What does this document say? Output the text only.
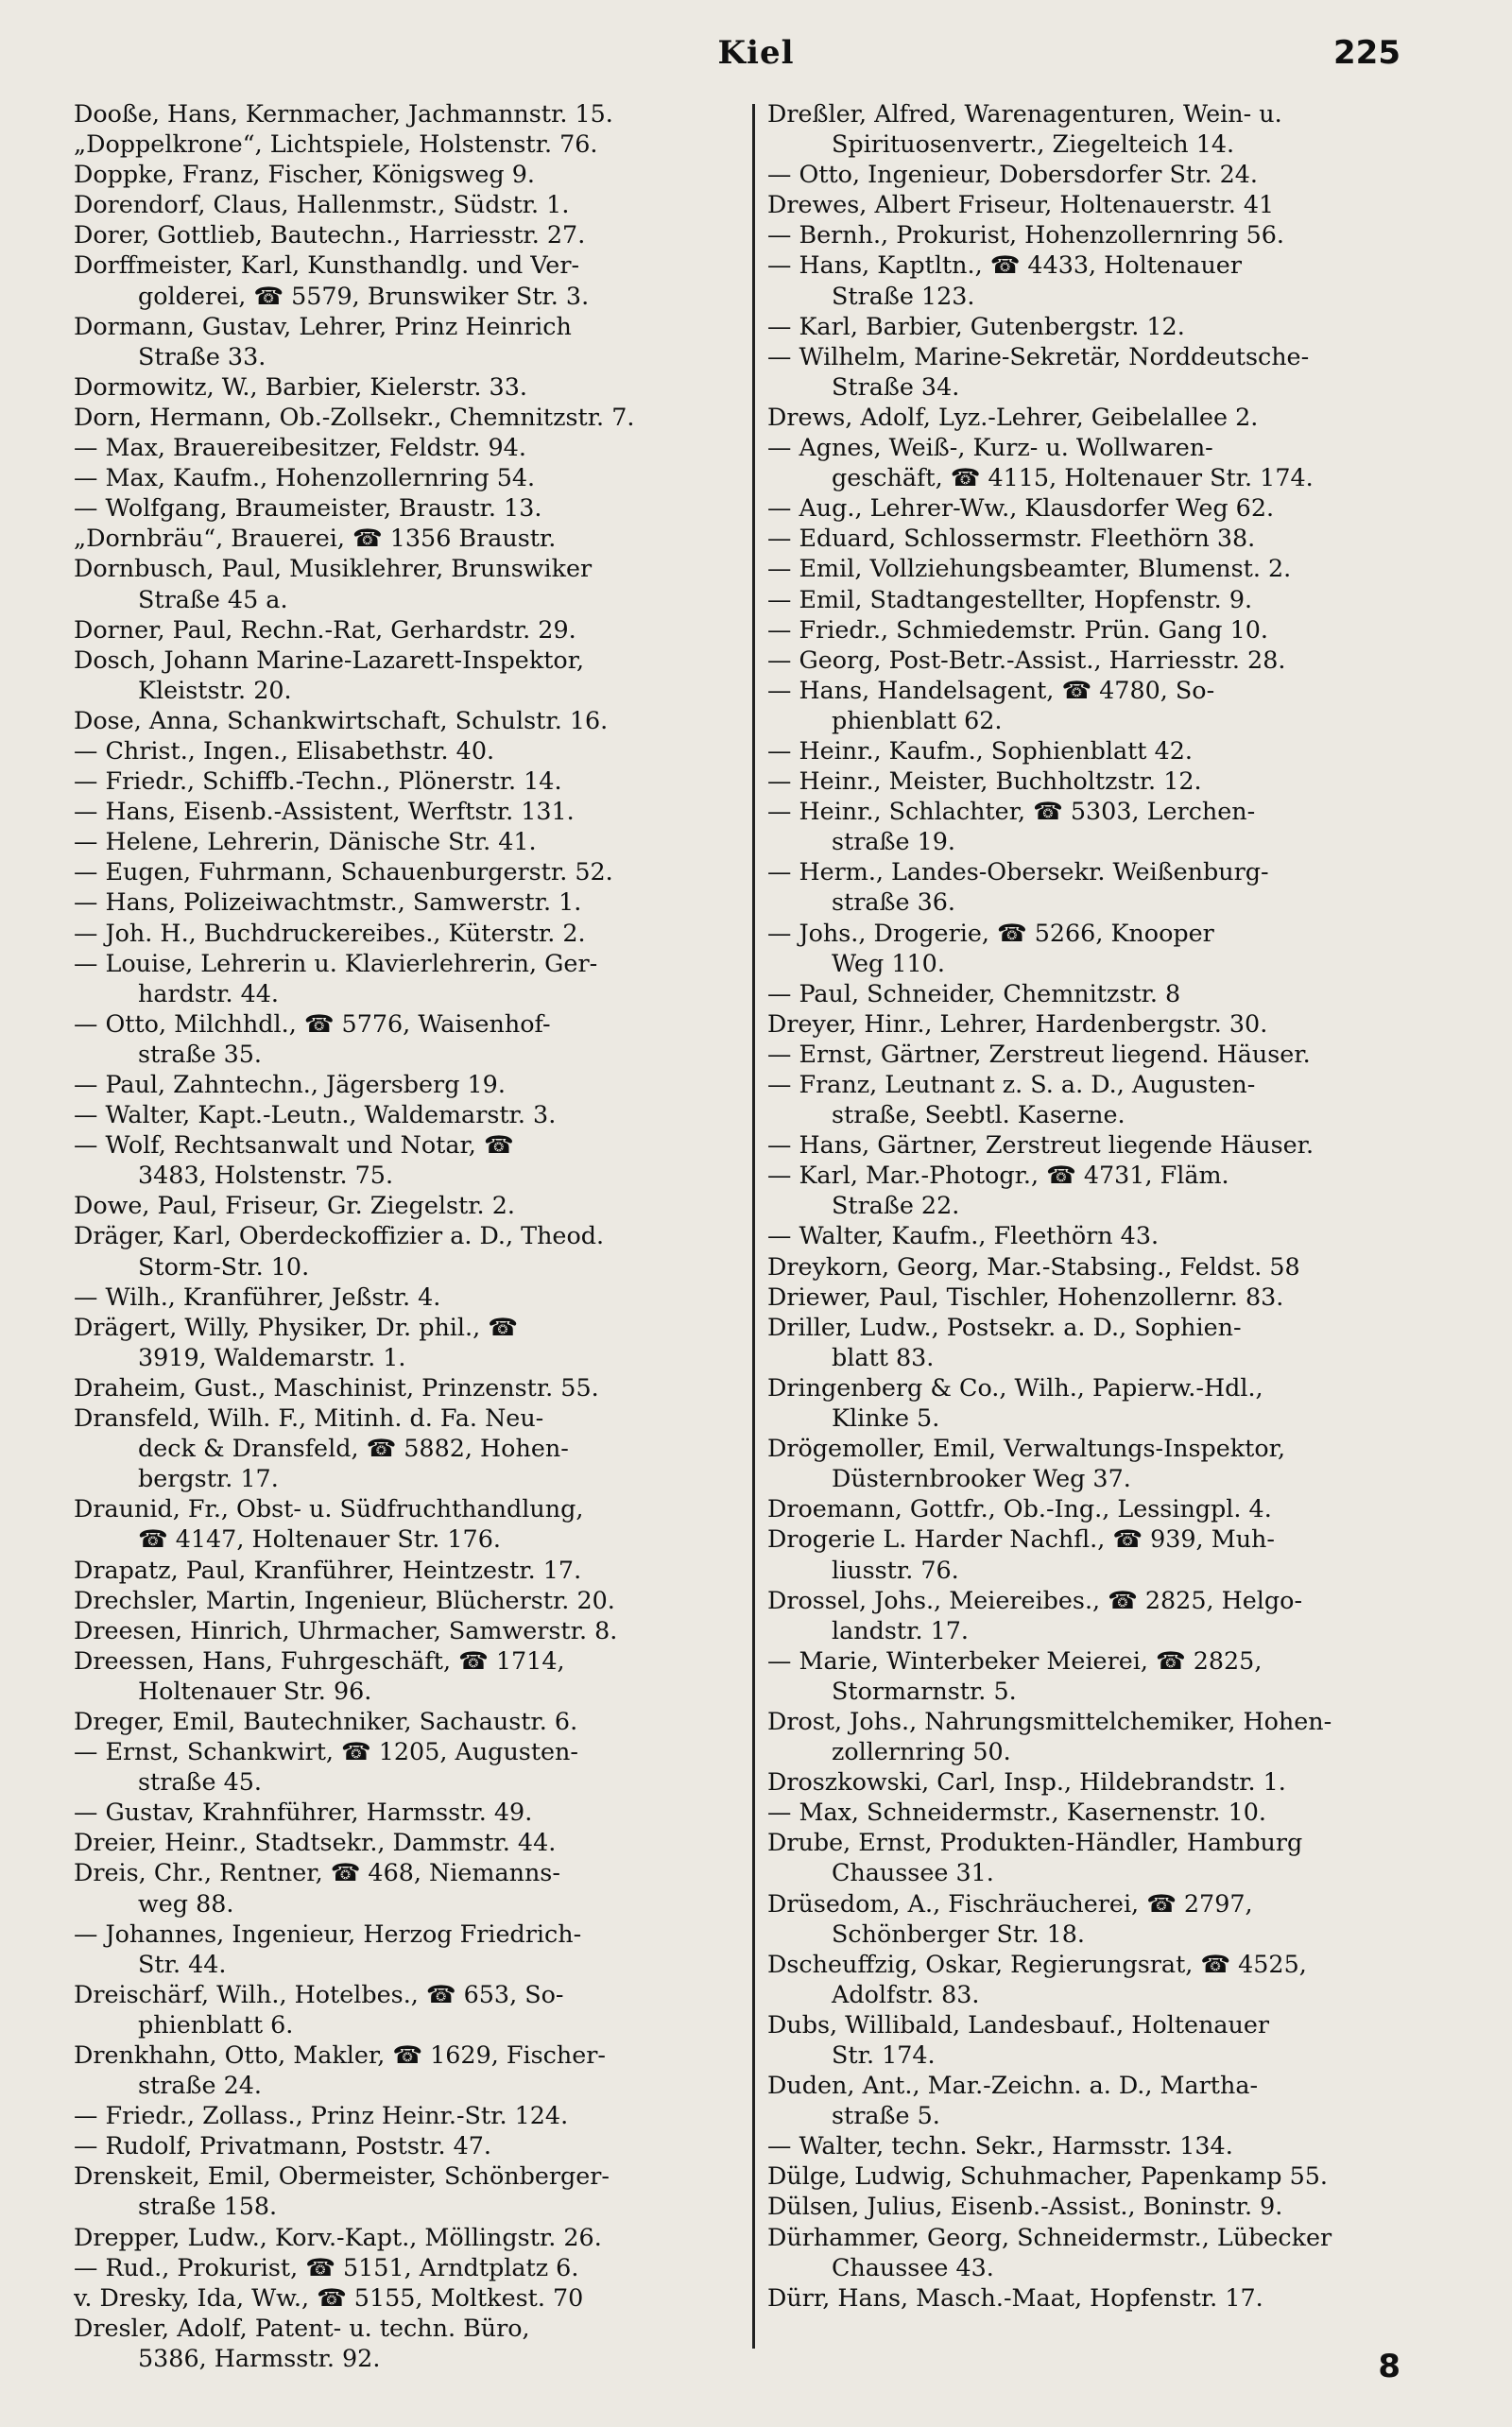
Kiel	225
Dooße, Hans, Kernmacher, Jachmannstr. 15.
„Doppelkrone“, Lichtspiele, Holstenstr. 76.
Doppke, Franz, Fischer, Königsweg 9.
Dorendorf, Claus, Hallenmstr., Südstr. 1.
Dorer, Gottlieb, Bautechn., Harriesstr. 27.
Dorffmeister, Karl, Kunsthandlg. und Ver-
golderei, ☎ 5579, Brunswiker Str. 3.
Dormann, Gustav, Lehrer, Prinz Heinrich
Straße 33.
Dormowitz, W., Barbier, Kielerstr. 33.
Dorn, Hermann, Ob.-Zollsekr., Chemnitzstr. 7.
— Max, Brauereibesitzer, Feldstr. 94.
— Max, Kaufm., Hohenzollernring 54.
— Wolfgang, Braumeister, Braustr. 13.
„Dornbräu“, Brauerei, ☎ 1356 Braustr.
Dornbusch, Paul, Musiklehrer, Brunswiker
Straße 45 a.
Dorner, Paul, Rechn.-Rat, Gerhardstr. 29.
Dosch, Johann Marine-Lazarett-Inspektor,
Kleiststr. 20.
Dose, Anna, Schankwirtschaft, Schulstr. 16.
— Christ., Ingen., Elisabethstr. 40.
— Friedr., Schiffb.-Techn., Plönerstr. 14.
— Hans, Eisenb.-Assistent, Werftstr. 131.
— Helene, Lehrerin, Dänische Str. 41.
— Eugen, Fuhrmann, Schauenburgerstr. 52.
— Hans, Polizeiwachtmstr., Samwerstr. 1.
— Joh. H., Buchdruckereibes., Küterstr. 2.
— Louise, Lehrerin u. Klavierlehrerin, Ger-
hardstr. 44.
— Otto, Milchhdl., ☎ 5776, Waisenhof-
straße 35.
— Paul, Zahntechn., Jägersberg 19.
— Walter, Kapt.-Leutn., Waldemarstr. 3.
— Wolf, Rechtsanwalt und Notar, ☎
3483, Holstenstr. 75.
Dowe, Paul, Friseur, Gr. Ziegelstr. 2.
Dräger, Karl, Oberdeckoffizier a. D., Theod.
Storm-Str. 10.
— Wilh., Kranführer, Jeßstr. 4.
Drägert, Willy, Physiker, Dr. phil., ☎
3919, Waldemarstr. 1.
Draheim, Gust., Maschinist, Prinzenstr. 55.
Dransfeld, Wilh. F., Mitinh. d. Fa. Neu-
deck & Dransfeld, ☎ 5882, Hohen-
bergstr. 17.
Draunid, Fr., Obst- u. Südfruchthandlung,
☎ 4147, Holtenauer Str. 176.
Drapatz, Paul, Kranführer, Heintzestr. 17.
Drechsler, Martin, Ingenieur, Blücherstr. 20.
Dreesen, Hinrich, Uhrmacher, Samwerstr. 8.
Dreessen, Hans, Fuhrgeschäft, ☎ 1714,
Holtenauer Str. 96.
Dreger, Emil, Bautechniker, Sachaustr. 6.
— Ernst, Schankwirt, ☎ 1205, Augusten-
straße 45.
— Gustav, Krahnführer, Harmsstr. 49.
Dreier, Heinr., Stadtsekr., Dammstr. 44.
Dreis, Chr., Rentner, ☎ 468, Niemanns-
weg 88.
— Johannes, Ingenieur, Herzog Friedrich-
Str. 44.
Dreischärf, Wilh., Hotelbes., ☎ 653, So-
phienblatt 6.
Drenkhahn, Otto, Makler, ☎ 1629, Fischer-
straße 24.
— Friedr., Zollass., Prinz Heinr.-Str. 124.
— Rudolf, Privatmann, Poststr. 47.
Drenskeit, Emil, Obermeister, Schönberger-
straße 158.
Drepper, Ludw., Korv.-Kapt., Möllingstr. 26.
— Rud., Prokurist, ☎ 5151, Arndtplatz 6.
v. Dresky, Ida, Ww., ☎ 5155, Moltkest. 70
Dresler, Adolf, Patent- u. techn. Büro,
5386, Harmsstr. 92.
Dreßler, Alfred, Warenagenturen, Wein- u.
Spirituosenvertr., Ziegelteich 14.
— Otto, Ingenieur, Dobersdorfer Str. 24.
Drewes, Albert Friseur, Holtenauerstr. 41
— Bernh., Prokurist, Hohenzollernring 56.
— Hans, Kaptltn., ☎ 4433, Holtenauer
Straße 123.
— Karl, Barbier, Gutenbergstr. 12.
— Wilhelm, Marine-Sekretär, Norddeutsche-
Straße 34.
Drews, Adolf, Lyz.-Lehrer, Geibelallee 2.
— Agnes, Weiß-, Kurz- u. Wollwaren-
geschäft, ☎ 4115, Holtenauer Str. 174.
— Aug., Lehrer-Ww., Klausdorfer Weg 62.
— Eduard, Schlossermstr. Fleethörn 38.
— Emil, Vollziehungsbeamter, Blumenst. 2.
— Emil, Stadtangestellter, Hopfenstr. 9.
— Friedr., Schmiedemstr. Prün. Gang 10.
— Georg, Post-Betr.-Assist., Harriesstr. 28.
— Hans, Handelsagent, ☎ 4780, So-
phienblatt 62.
— Heinr., Kaufm., Sophienblatt 42.
— Heinr., Meister, Buchholtzstr. 12.
— Heinr., Schlachter, ☎ 5303, Lerchen-
straße 19.
— Herm., Landes-Obersekr. Weißenburg-
straße 36.
— Johs., Drogerie, ☎ 5266, Knooper
Weg 110.
— Paul, Schneider, Chemnitzstr. 8
Dreyer, Hinr., Lehrer, Hardenbergstr. 30.
— Ernst, Gärtner, Zerstreut liegend. Häuser.
— Franz, Leutnant z. S. a. D., Augusten-
straße, Seebtl. Kaserne.
— Hans, Gärtner, Zerstreut liegende Häuser.
— Karl, Mar.-Photogr., ☎ 4731, Fläm.
Straße 22.
— Walter, Kaufm., Fleethörn 43.
Dreykorn, Georg, Mar.-Stabsing., Feldst. 58
Driewer, Paul, Tischler, Hohenzollernr. 83.
Driller, Ludw., Postsekr. a. D., Sophien-
blatt 83.
Dringenberg & Co., Wilh., Papierw.-Hdl.,
Klinke 5.
Drögemoller, Emil, Verwaltungs-Inspektor,
Düsternbrooker Weg 37.
Droemann, Gottfr., Ob.-Ing., Lessingpl. 4.
Drogerie L. Harder Nachfl., ☎ 939, Muh-
liusstr. 76.
Drossel, Johs., Meiereibes., ☎ 2825, Helgo-
landstr. 17.
— Marie, Winterbeker Meierei, ☎ 2825,
Stormarnstr. 5.
Drost, Johs., Nahrungsmittelchemiker, Hohen-
zollernring 50.
Droszkowski, Carl, Insp., Hildebrandstr. 1.
— Max, Schneidermstr., Kasernenstr. 10.
Drube, Ernst, Produkten-Händler, Hamburg
Chaussee 31.
Drüsedom, A., Fischräucherei, ☎ 2797,
Schönberger Str. 18.
Dscheuffzig, Oskar, Regierungsrat, ☎ 4525,
Adolfstr. 83.
Dubs, Willibald, Landesbauf., Holtenauer
Str. 174.
Duden, Ant., Mar.-Zeichn. a. D., Martha-
straße 5.
— Walter, techn. Sekr., Harmsstr. 134.
Dülge, Ludwig, Schuhmacher, Papenkamp 55.
Dülsen, Julius, Eisenb.-Assist., Boninstr. 9.
Dürhammer, Georg, Schneidermstr., Lübecker
Chaussee 43.
Dürr, Hans, Masch.-Maat, Hopfenstr. 17.
8
